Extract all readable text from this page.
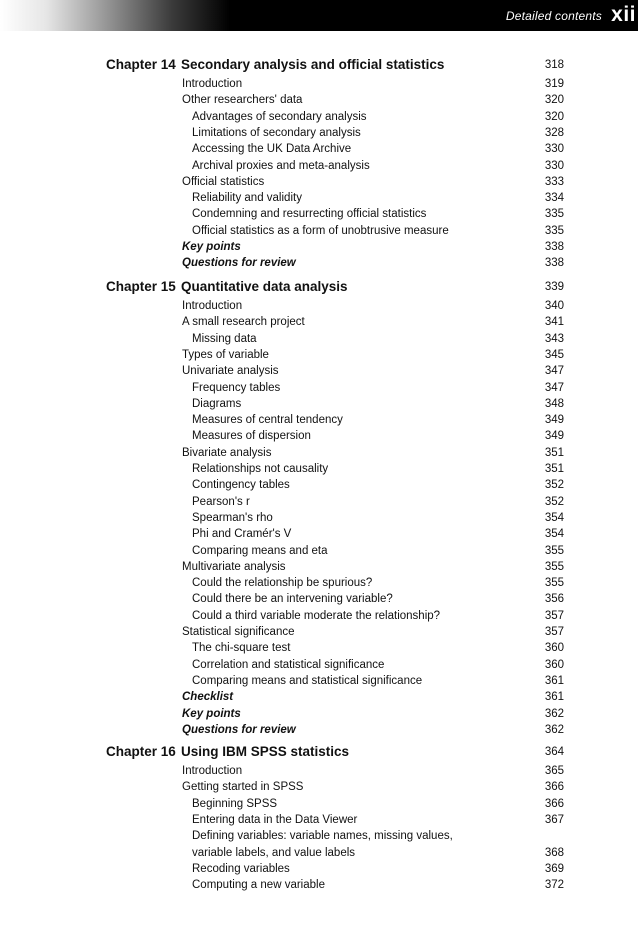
Detailed contents xii
Chapter 14 Secondary analysis and official statistics	318
Introduction	319
Other researchers' data	320
Advantages of secondary analysis	320
Limitations of secondary analysis	328
Accessing the UK Data Archive	330
Archival proxies and meta-analysis	330
Official statistics	333
Reliability and validity	334
Condemning and resurrecting official statistics	335
Official statistics as a form of unobtrusive measure	335
Key points	338
Questions for review	338
Chapter 15 Quantitative data analysis	339
Introduction	340
A small research project	341
Missing data	343
Types of variable	345
Univariate analysis	347
Frequency tables	347
Diagrams	348
Measures of central tendency	349
Measures of dispersion	349
Bivariate analysis	351
Relationships not causality	351
Contingency tables	352
Pearson's r	352
Spearman's rho	354
Phi and Cramér's V	354
Comparing means and eta	355
Multivariate analysis	355
Could the relationship be spurious?	355
Could there be an intervening variable?	356
Could a third variable moderate the relationship?	357
Statistical significance	357
The chi-square test	360
Correlation and statistical significance	360
Comparing means and statistical significance	361
Checklist	361
Key points	362
Questions for review	362
Chapter 16 Using IBM SPSS statistics	364
Introduction	365
Getting started in SPSS	366
Beginning SPSS	366
Entering data in the Data Viewer	367
Defining variables: variable names, missing values,
variable labels, and value labels	368
Recoding variables	369
Computing a new variable	372
